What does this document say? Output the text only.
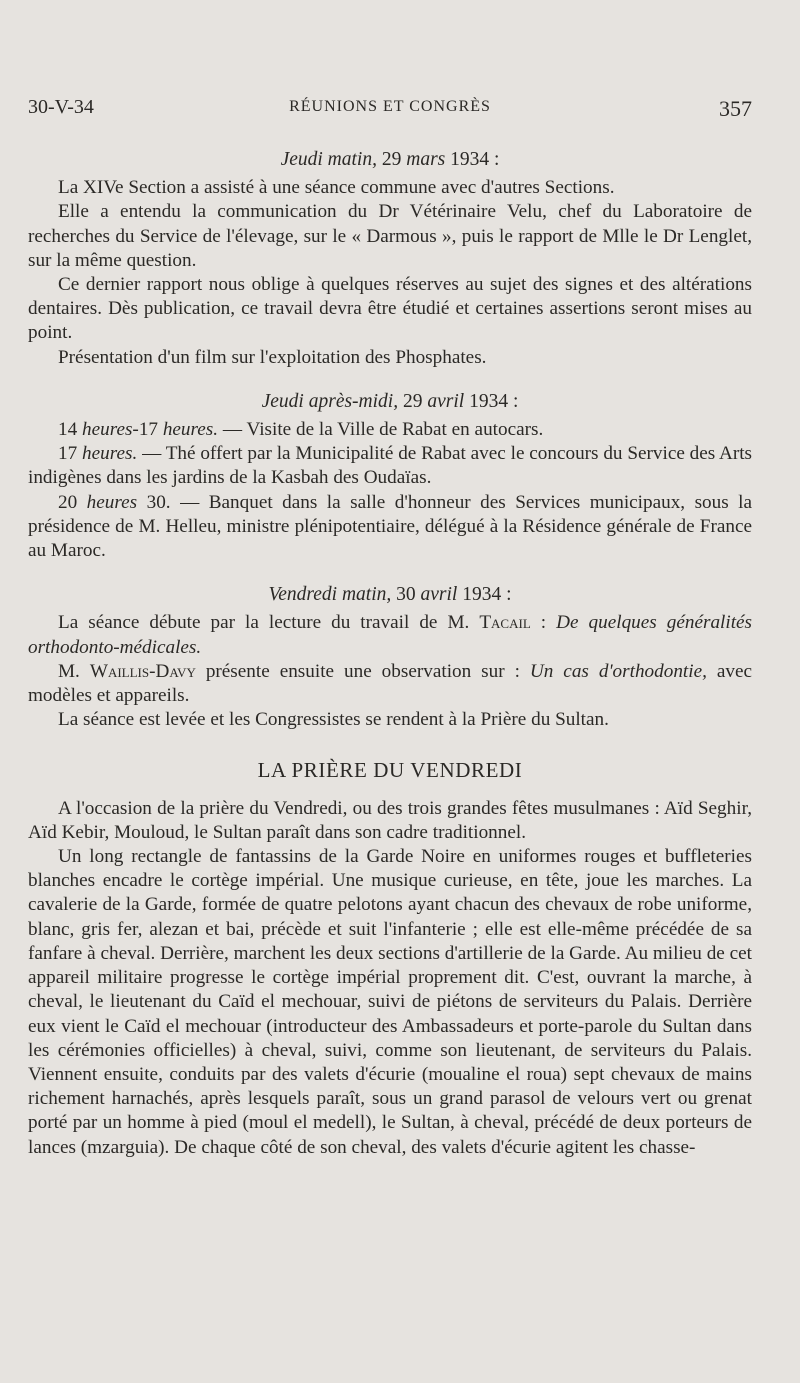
30-V-34	RÉUNIONS ET CONGRÈS	357
Jeudi matin, 29 mars 1934 :

La XIVe Section a assisté à une séance commune avec d'autres Sections.

Elle a entendu la communication du Dr Vétérinaire Velu, chef du Laboratoire de recherches du Service de l'élevage, sur le « Darmous », puis le rapport de Mlle le Dr Lenglet, sur la même question.

Ce dernier rapport nous oblige à quelques réserves au sujet des signes et des altérations dentaires. Dès publication, ce travail devra être étudié et certaines assertions seront mises au point.

Présentation d'un film sur l'exploitation des Phosphates.

Jeudi après-midi, 29 avril 1934 :

14 heures-17 heures. — Visite de la Ville de Rabat en autocars.

17 heures. — Thé offert par la Municipalité de Rabat avec le concours du Service des Arts indigènes dans les jardins de la Kasbah des Oudaïas.

20 heures 30. — Banquet dans la salle d'honneur des Services municipaux, sous la présidence de M. Helleu, ministre plénipotentiaire, délégué à la Résidence générale de France au Maroc.

Vendredi matin, 30 avril 1934 :

La séance débute par la lecture du travail de M. Tacail : De quelques généralités orthodonto-médicales.

M. Waillis-Davy présente ensuite une observation sur : Un cas d'orthodontie, avec modèles et appareils.

La séance est levée et les Congressistes se rendent à la Prière du Sultan.

LA PRIÈRE DU VENDREDI

A l'occasion de la prière du Vendredi, ou des trois grandes fêtes musulmanes : Aïd Seghir, Aïd Kebir, Mouloud, le Sultan paraît dans son cadre traditionnel.

Un long rectangle de fantassins de la Garde Noire en uniformes rouges et buffleteries blanches encadre le cortège impérial. Une musique curieuse, en tête, joue les marches. La cavalerie de la Garde, formée de quatre pelotons ayant chacun des chevaux de robe uniforme, blanc, gris fer, alezan et bai, précède et suit l'infanterie ; elle est elle-même précédée de sa fanfare à cheval. Derrière, marchent les deux sections d'artillerie de la Garde. Au milieu de cet appareil militaire progresse le cortège impérial proprement dit. C'est, ouvrant la marche, à cheval, le lieutenant du Caïd el mechouar, suivi de piétons de serviteurs du Palais. Derrière eux vient le Caïd el mechouar (introducteur des Ambassadeurs et porte-parole du Sultan dans les cérémonies officielles) à cheval, suivi, comme son lieutenant, de serviteurs du Palais. Viennent ensuite, conduits par des valets d'écurie (moualine el roua) sept chevaux de mains richement harnachés, après lesquels paraît, sous un grand parasol de velours vert ou grenat porté par un homme à pied (moul el medell), le Sultan, à cheval, précédé de deux porteurs de lances (mzarguia). De chaque côté de son cheval, des valets d'écurie agitent les chasse-
